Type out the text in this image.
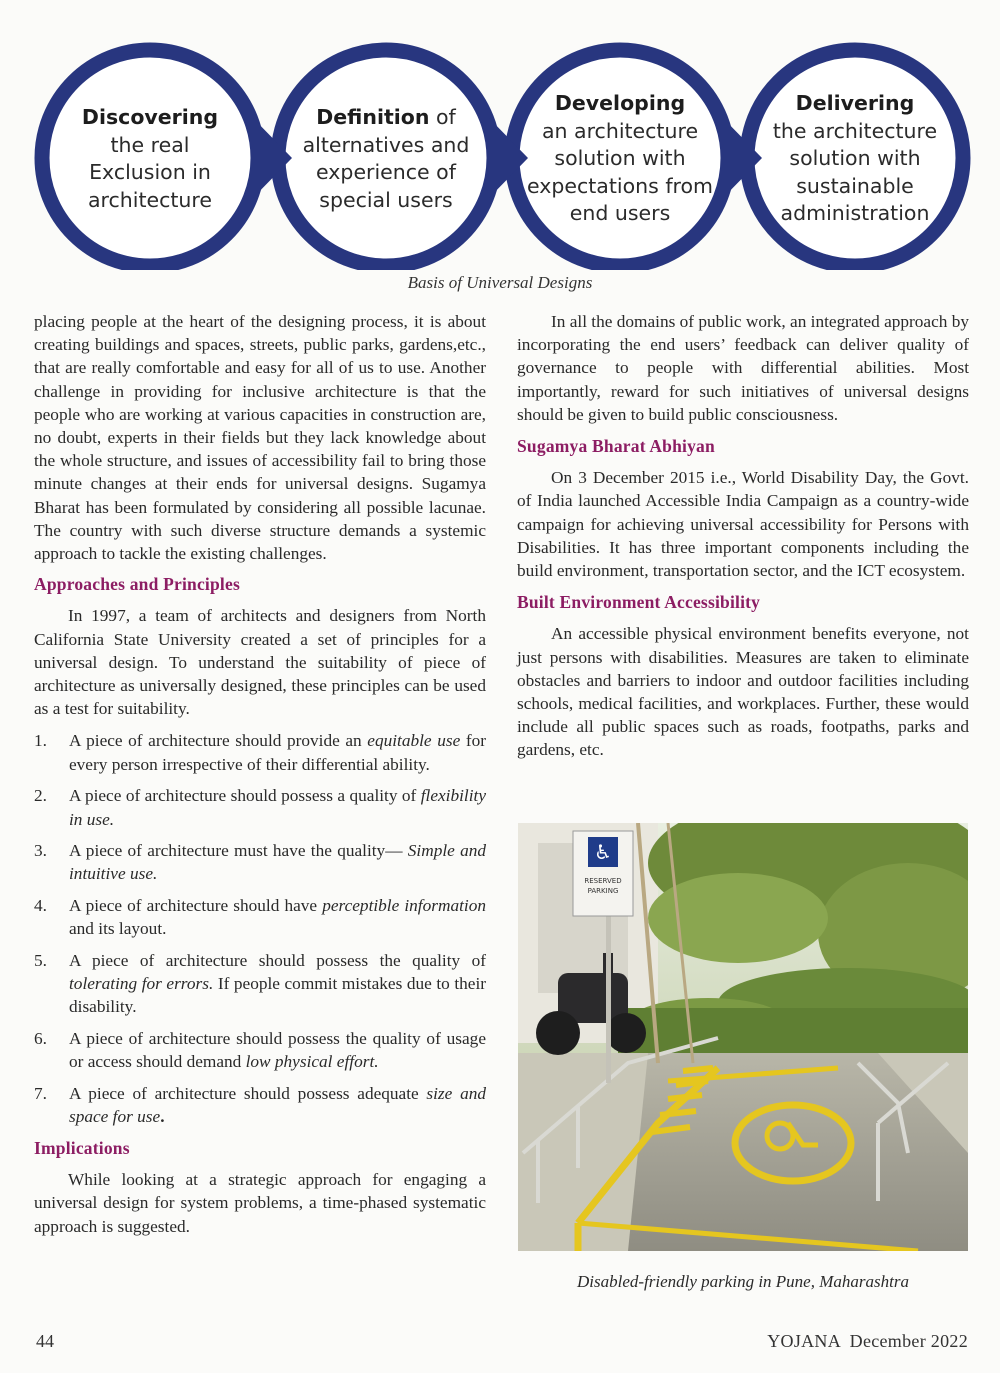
Discovering
the real
Exclusion in
architecture
Definition of
alternatives and
experience of
special users
Developing
an architecture
solution with
expectations from
end users
Delivering
the architecture
solution with
sustainable
administration
Basis of Universal Designs

placing people at the heart of the designing process, it is about creating buildings and spaces, streets, public parks, gardens,etc., that are really comfortable and easy for all of us to use. Another challenge in providing for inclusive architecture is that the people who are working at various capacities in construction are, no doubt, experts in their fields but they lack knowledge about the whole structure, and issues of accessibility fail to bring those minute changes at their ends for universal designs. Sugamya Bharat has been formulated by considering all possible lacunae. The country with such diverse structure demands a systemic approach to tackle the existing challenges.

Approaches and Principles

In 1997, a team of architects and designers from North California State University created a set of principles for a universal design. To understand the suitability of piece of architecture as universally designed, these principles can be used as a test for suitability.

1. A piece of architecture should provide an equitable use for every person irrespective of their differential ability.
2. A piece of architecture should possess a quality of flexibility in use.
3. A piece of architecture must have the quality— Simple and intuitive use.
4. A piece of architecture should have perceptible information and its layout.
5. A piece of architecture should possess the quality of tolerating for errors. If people commit mistakes due to their disability.
6. A piece of architecture should possess the quality of usage or access should demand low physical effort.
7. A piece of architecture should possess adequate size and space for use.
Implications

While looking at a strategic approach for engaging a universal design for system problems, a time-phased systematic approach is suggested.

In all the domains of public work, an integrated approach by incorporating the end users’ feedback can deliver quality of governance to people with differential abilities. Most importantly, reward for such initiatives of universal designs should be given to build public consciousness.

Sugamya Bharat Abhiyan

On 3 December 2015 i.e., World Disability Day, the Govt. of India launched Accessible India Campaign as a country-wide campaign for achieving universal accessibility for Persons with Disabilities. It has three important components including the build environment, transportation sector, and the ICT ecosystem.

Built Environment Accessibility

An accessible physical environment benefits everyone, not just persons with disabilities. Measures are taken to eliminate obstacles and barriers to indoor and outdoor facilities including schools, medical facilities, and workplaces. Further, these would include all public spaces such as roads, footpaths, parks and gardens, etc.

♿
RESERVED
PARKING
Disabled-friendly parking in Pune, Maharashtra
44	YOJANA  December 2022
